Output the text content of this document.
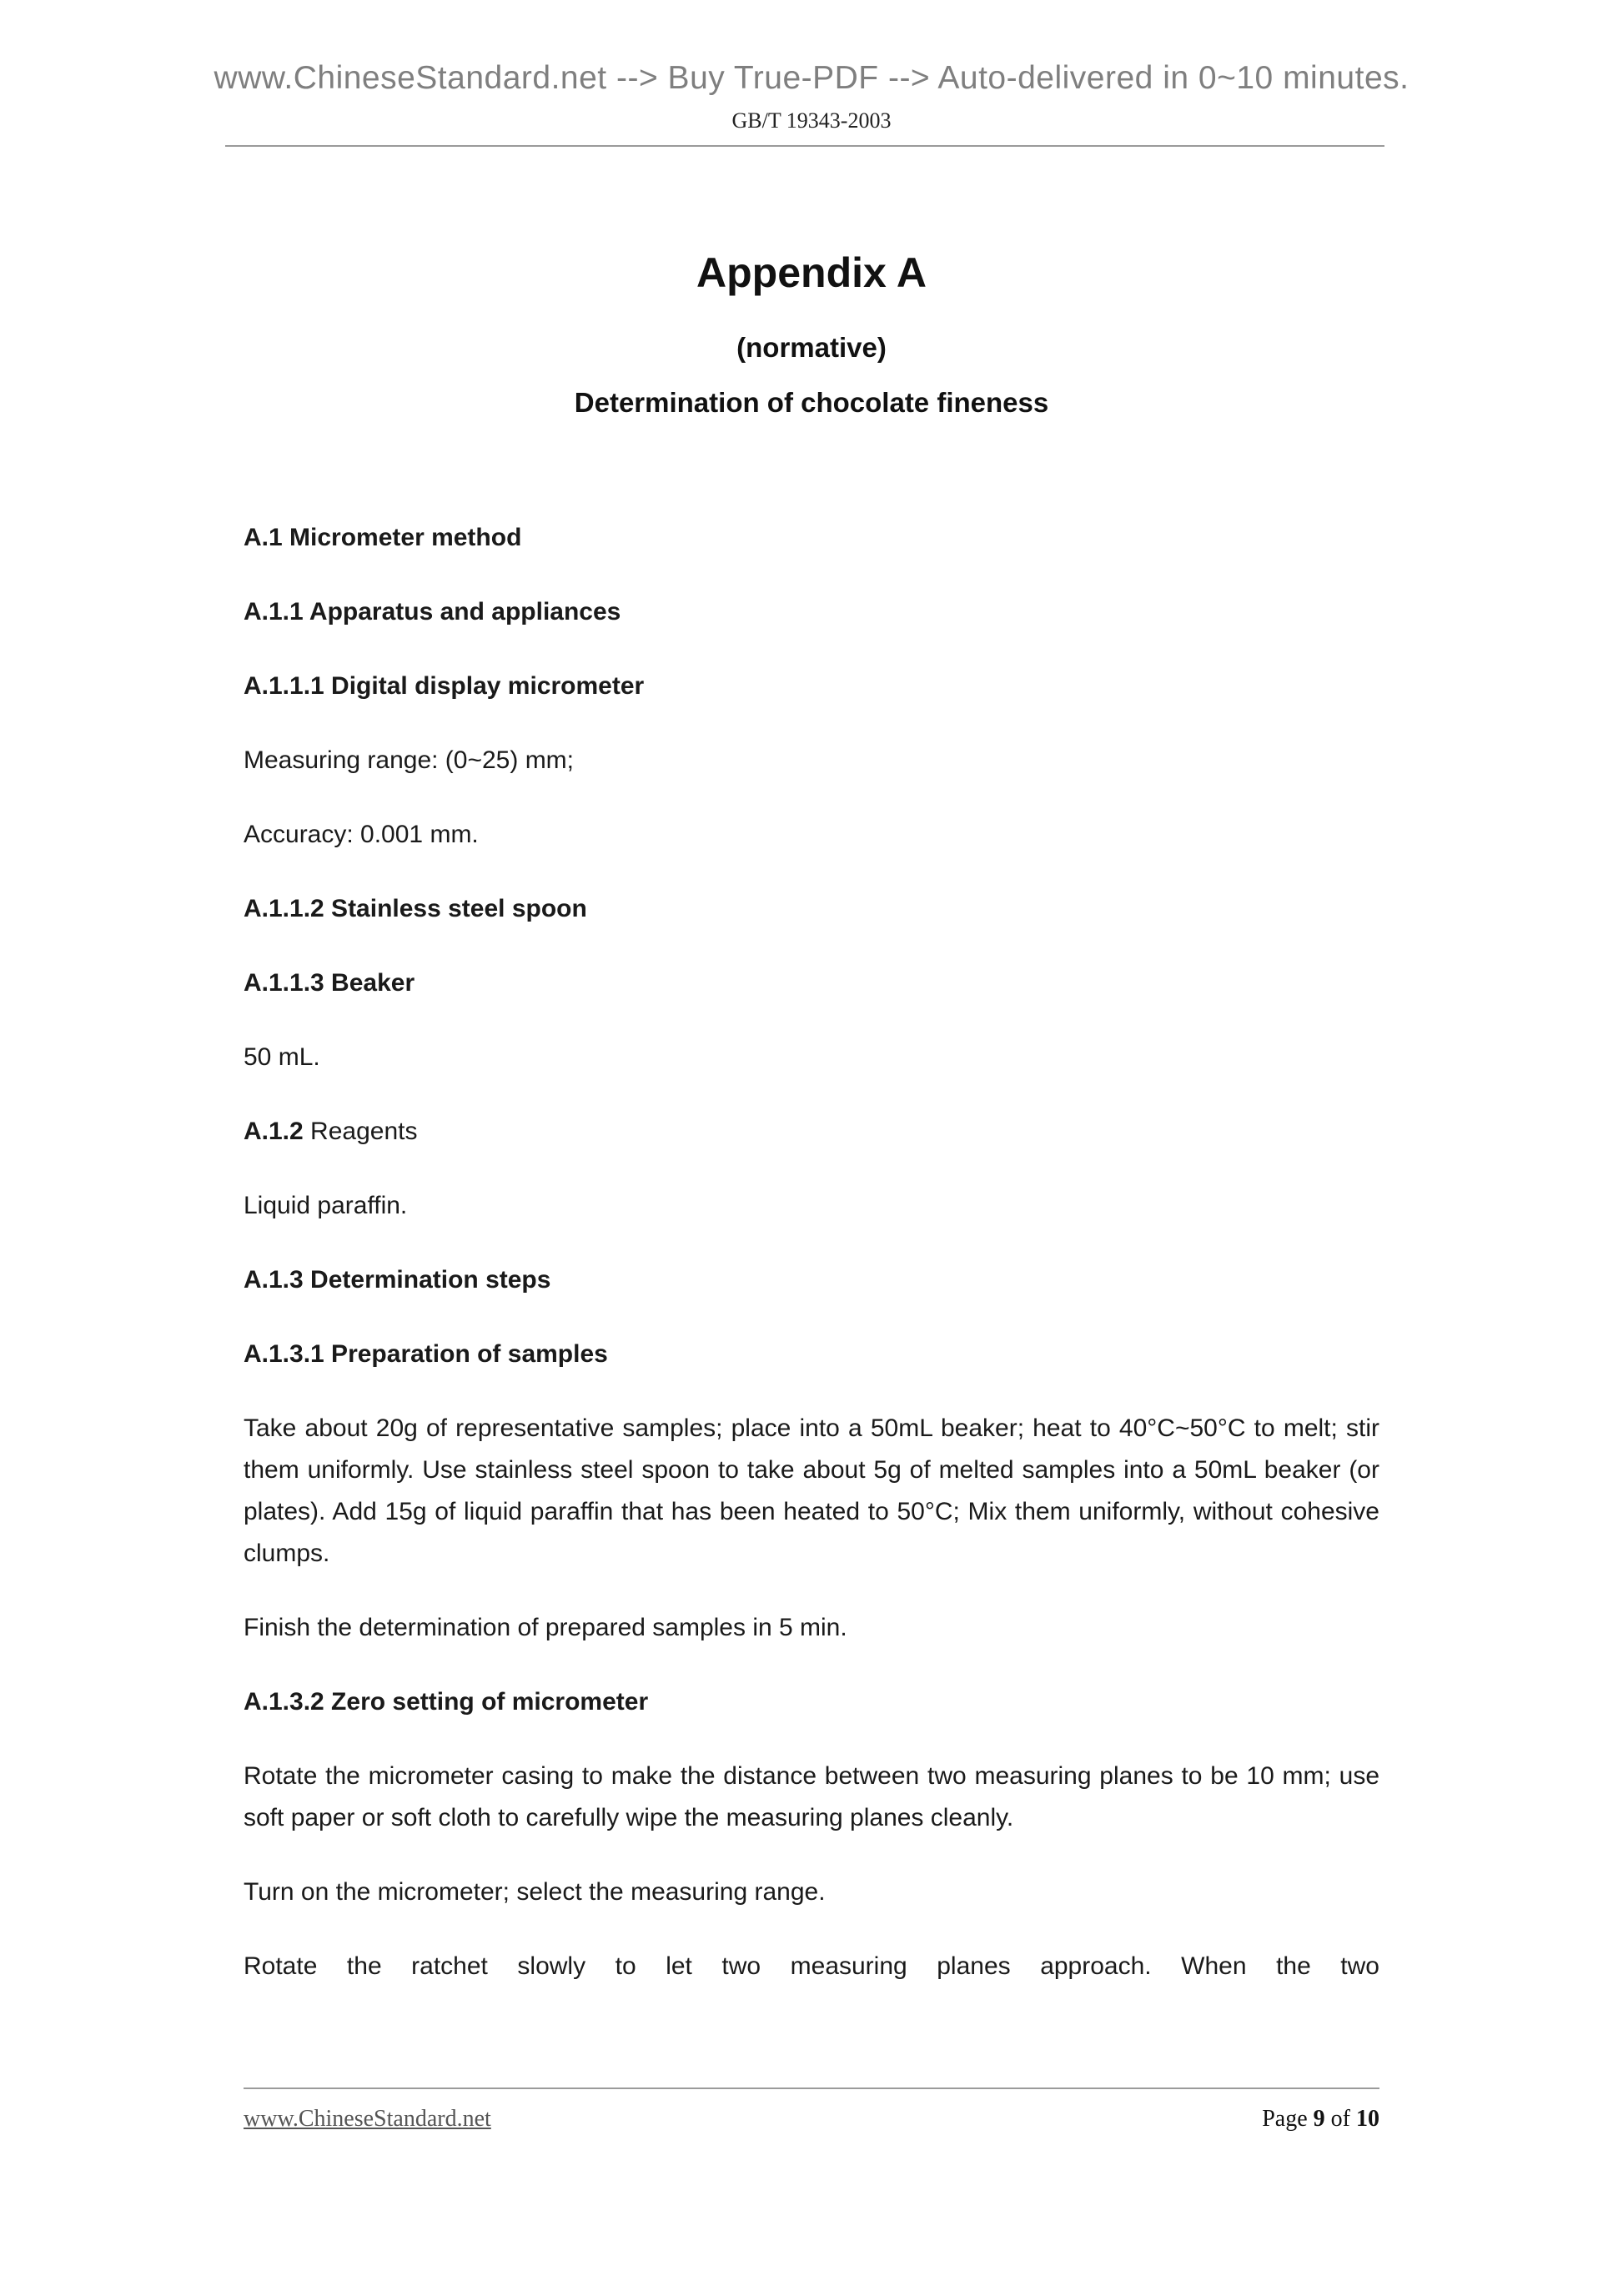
www.ChineseStandard.net --> Buy True-PDF --> Auto-delivered in 0~10 minutes.
GB/T 19343-2003
Appendix A
(normative)
Determination of chocolate fineness
A.1 Micrometer method
A.1.1 Apparatus and appliances
A.1.1.1 Digital display micrometer

Measuring range: (0~25) mm;

Accuracy: 0.001 mm.

A.1.1.2 Stainless steel spoon
A.1.1.3 Beaker

50 mL.

A.1.2 Reagents

Liquid paraffin.

A.1.3 Determination steps
A.1.3.1 Preparation of samples

Take about 20g of representative samples; place into a 50mL beaker; heat to 40°C~50°C to melt; stir them uniformly. Use stainless steel spoon to take about 5g of melted samples into a 50mL beaker (or plates). Add 15g of liquid paraffin that has been heated to 50°C; Mix them uniformly, without cohesive clumps.

Finish the determination of prepared samples in 5 min.

A.1.3.2 Zero setting of micrometer

Rotate the micrometer casing to make the distance between two measuring planes to be 10 mm; use soft paper or soft cloth to carefully wipe the measuring planes cleanly.

Turn on the micrometer; select the measuring range.

Rotate the ratchet slowly to let two measuring planes approach. When the two

www.ChineseStandard.net	Page 9 of 10
